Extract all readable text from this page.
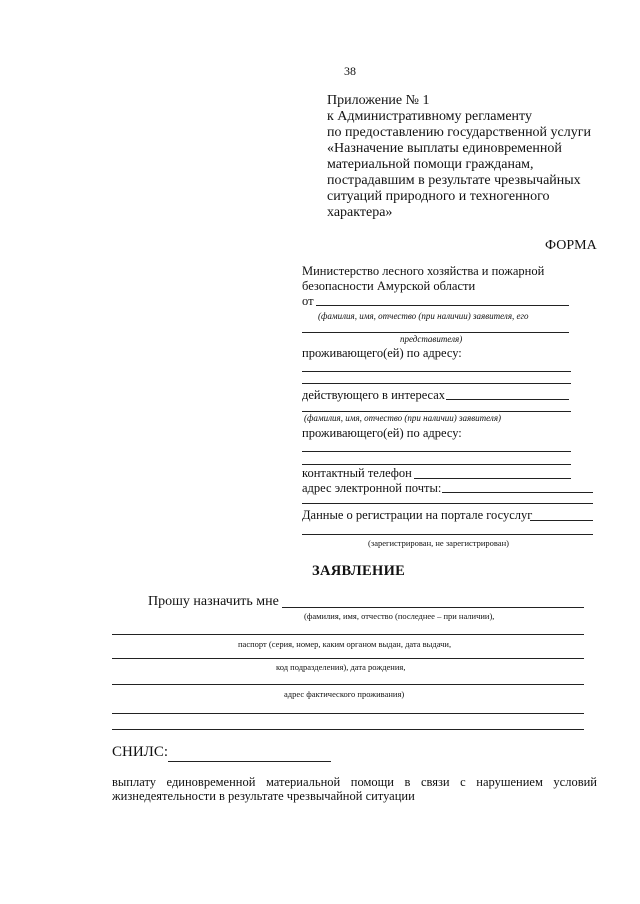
38
Приложение № 1
к Административному регламенту
по предоставлению государственной услуги
«Назначение выплаты единовременной
материальной помощи гражданам,
пострадавшим в результате чрезвычайных
ситуаций природного и техногенного
характера»
ФОРМА
Министерство лесного хозяйства и пожарной
безопасности Амурской области
от
(фамилия, имя, отчество (при наличии) заявителя, его
представителя)
проживающего(ей) по адресу:
действующего в интересах
(фамилия, имя, отчество (при наличии) заявителя)
проживающего(ей) по адресу:
контактный телефон
адрес электронной почты:
Данные о регистрации на портале госуслуг
(зарегистрирован, не зарегистрирован)
ЗАЯВЛЕНИЕ
Прошу назначить мне
(фамилия, имя, отчество (последнее – при наличии),
паспорт (серия, номер, каким органом выдан, дата выдачи,
код подразделения), дата рождения,
адрес фактического проживания)
СНИЛС:
выплату единовременной материальной помощи в связи с нарушением условий жизнедеятельности в результате чрезвычайной ситуации
